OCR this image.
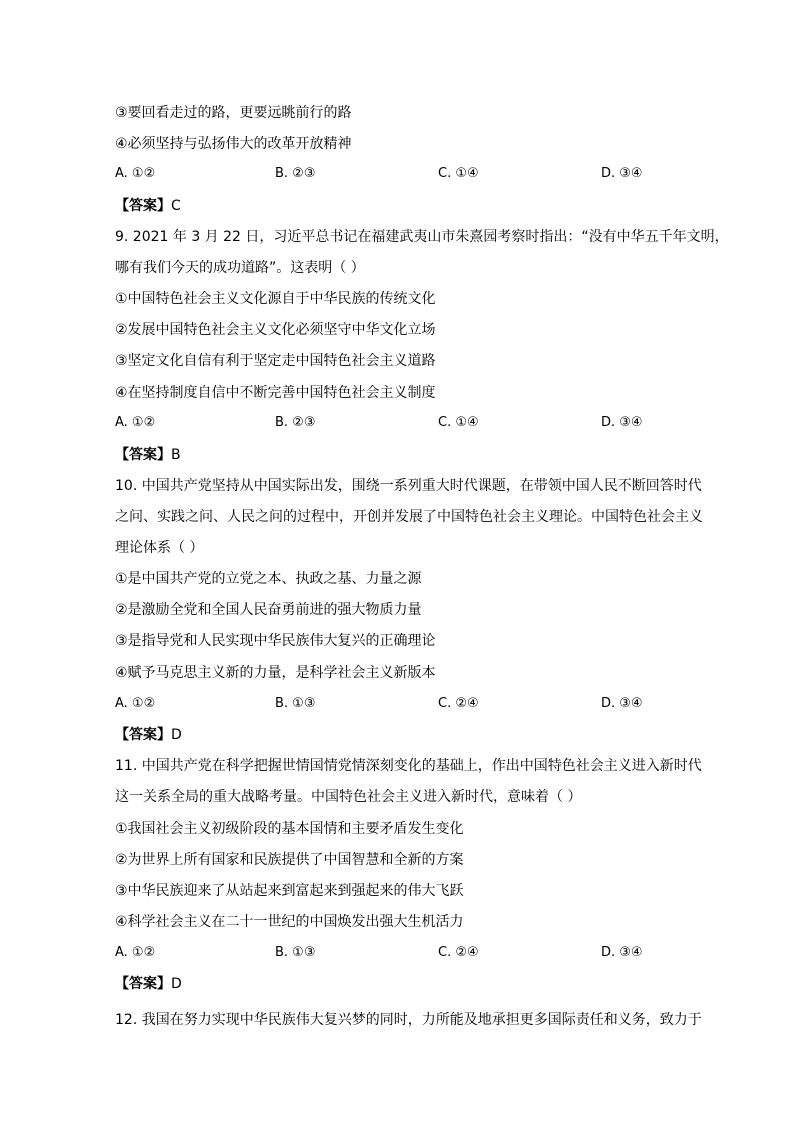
③要回看走过的路，更要远眺前行的路
④必须坚持与弘扬伟大的改革开放精神
A. ①②	B. ②③	C. ①④	D. ③④
【答案】C
9. 2021 年 3 月 22 日，习近平总书记在福建武夷山市朱熹园考察时指出：“没有中华五千年文明，
哪有我们今天的成功道路”。这表明（ ）
①中国特色社会主义文化源自于中华民族的传统文化
②发展中国特色社会主义文化必须坚守中华文化立场
③坚定文化自信有利于坚定走中国特色社会主义道路
④在坚持制度自信中不断完善中国特色社会主义制度
A. ①②	B. ②③	C. ①④	D. ③④
【答案】B
10. 中国共产党坚持从中国实际出发，围绕一系列重大时代课题，在带领中国人民不断回答时代
之问、实践之问、人民之问的过程中，开创并发展了中国特色社会主义理论。中国特色社会主义
理论体系（ ）
①是中国共产党的立党之本、执政之基、力量之源
②是激励全党和全国人民奋勇前进的强大物质力量
③是指导党和人民实现中华民族伟大复兴的正确理论
④赋予马克思主义新的力量，是科学社会主义新版本
A. ①②	B. ①③	C. ②④	D. ③④
【答案】D
11. 中国共产党在科学把握世情国情党情深刻变化的基础上，作出中国特色社会主义进入新时代
这一关系全局的重大战略考量。中国特色社会主义进入新时代，意味着（ ）
①我国社会主义初级阶段的基本国情和主要矛盾发生变化
②为世界上所有国家和民族提供了中国智慧和全新的方案
③中华民族迎来了从站起来到富起来到强起来的伟大飞跃
④科学社会主义在二十一世纪的中国焕发出强大生机活力
A. ①②	B. ①③	C. ②④	D. ③④
【答案】D
12. 我国在努力实现中华民族伟大复兴梦的同时，力所能及地承担更多国际责任和义务，致力于
